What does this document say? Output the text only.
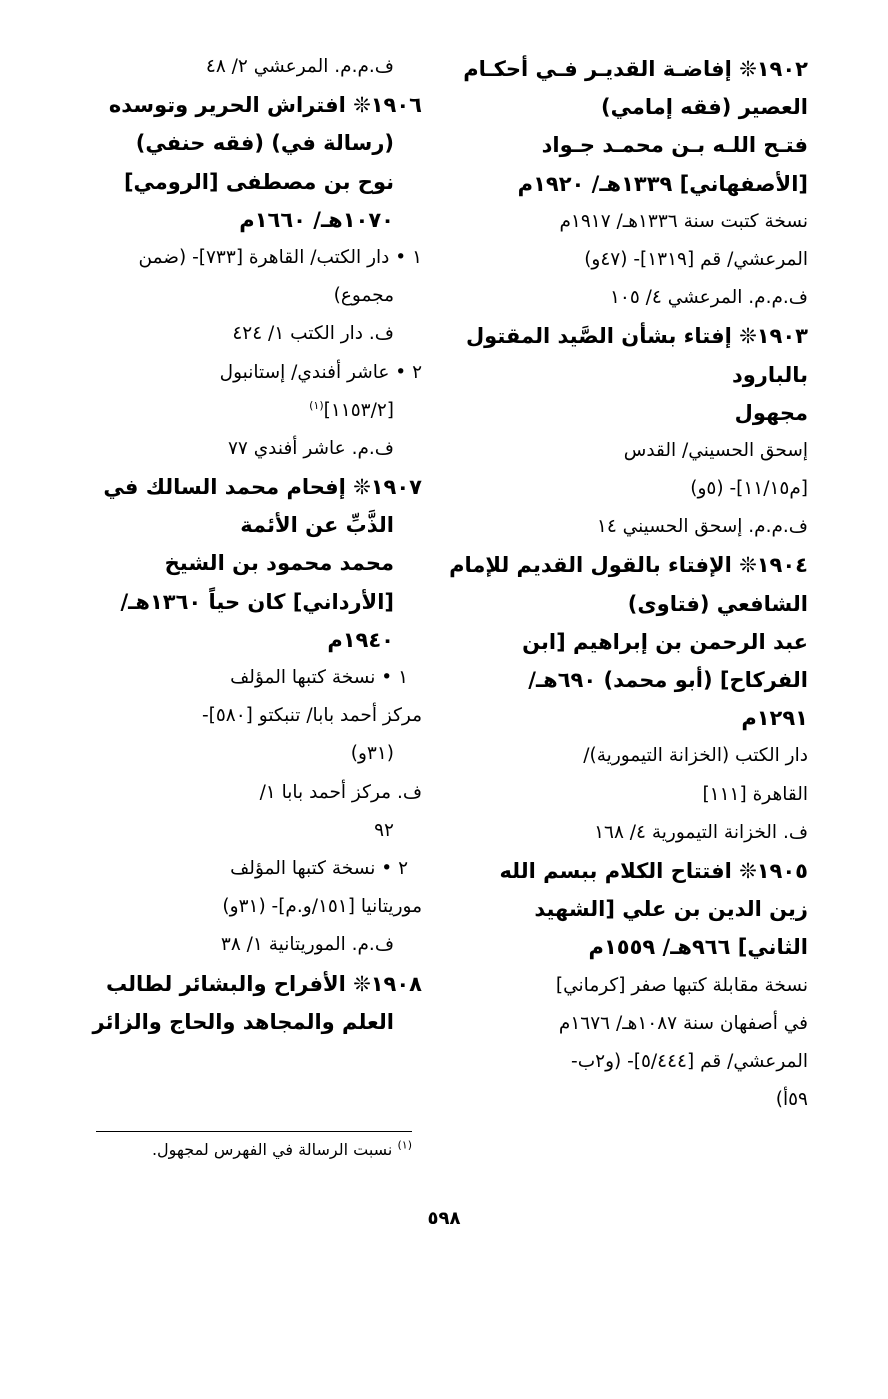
١٩٠٢❊ إفاضـة القديـر فـي أحكـام
العصير (فقه إمامي)
فتـح اللـه بـن محمـد جـواد
[الأصفهاني] ١٣٣٩هـ/ ١٩٢٠م
نسخة كتبت سنة ١٣٣٦هـ/ ١٩١٧م
المرعشي/ قم [١٣١٩]- (٤٧و)
ف.م.م. المرعشي ٤/ ١٠٥
١٩٠٣❊ إفتاء بشأن الصَّيد المقتول
بالبارود
مجهول
إسحق الحسيني/ القدس
[م١١/١٥]- (٥و)
ف.م.م. إسحق الحسيني ١٤
١٩٠٤❊ الإفتاء بالقول القديم للإمام
الشافعي (فتاوى)
عبد الرحمن بن إبراهيم [ابن
الفركاح] (أبو محمد) ٦٩٠هـ/
١٢٩١م
دار الكتب (الخزانة التيمورية)/
القاهرة [١١١]
ف. الخزانة التيمورية ٤/ ١٦٨
١٩٠٥❊ افتتاح الكلام ببسم الله
زين الدين بن علي [الشهيد
الثاني] ٩٦٦هـ/ ١٥٥٩م
نسخة مقابلة كتبها صفر [كرماني]
في أصفهان سنة ١٠٨٧هـ/ ١٦٧٦م
المرعشي/ قم [٥/٤٤٤]- (و٢ب-
٥٩أ)
ف.م.م. المرعشي ٢/ ٤٨
١٩٠٦❊ افتراش الحرير وتوسده
(رسالة في) (فقه حنفي)
نوح بن مصطفى [الرومي]
١٠٧٠هـ/ ١٦٦٠م
١ • دار الكتب/ القاهرة [٧٣٣]- (ضمن
مجموع)
ف. دار الكتب ١/ ٤٢٤
٢ • عاشر أفندي/ إستانبول
[١١٥٣/٢]$^{(١)}$
ف.م. عاشر أفندي ٧٧
١٩٠٧❊ إفحام محمد السالك في
الذَّبِّ عن الأئمة
محمد محمود بن الشيخ
[الأرداني] كان حياً ١٣٦٠هـ/
١٩٤٠م
١ • نسخة كتبها المؤلف
مركز أحمد بابا/ تنبكتو [٥٨٠]-
(٣١و)
ف. مركز أحمد بابا ١/
٩٢
٢ • نسخة كتبها المؤلف
موريتانيا [١٥١/و.م]- (٣١و)
ف.م. الموريتانية ١/ ٣٨
١٩٠٨❊ الأفراح والبشائر لطالب
العلم والمجاهد والحاج والزائر
$^{(١)}$ نسبت الرسالة في الفهرس لمجهول.
٥٩٨
